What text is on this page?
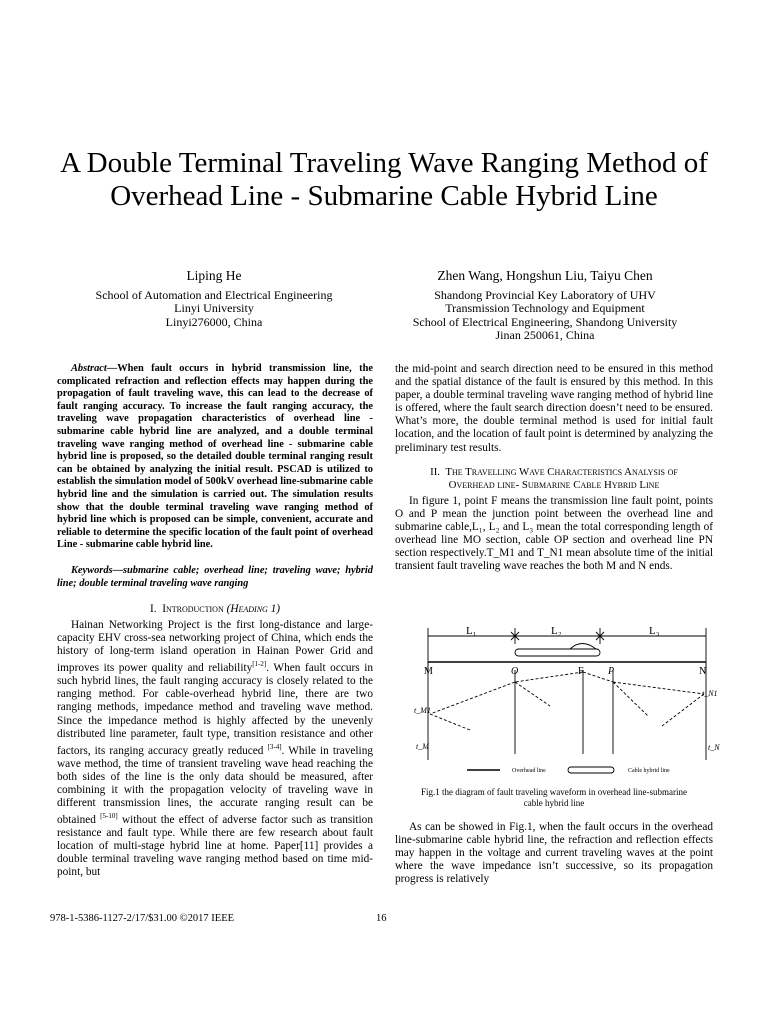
A Double Terminal Traveling Wave Ranging Method of Overhead Line - Submarine Cable Hybrid Line
Liping He
School of Automation and Electrical Engineering
Linyi University
Linyi276000, China
Zhen Wang, Hongshun Liu, Taiyu Chen
Shandong Provincial Key Laboratory of UHV
Transmission Technology and Equipment
School of Electrical Engineering, Shandong University
Jinan 250061, China

Abstract—When fault occurs in hybrid transmission line, the complicated refraction and reflection effects may happen during the propagation of fault traveling wave, this can lead to the decrease of fault ranging accuracy. To increase the fault ranging accuracy, the traveling wave propagation characteristics of overhead line - submarine cable hybrid line are analyzed, and a double terminal traveling wave ranging method of overhead line - submarine cable hybrid line is proposed, so the detailed double terminal ranging result can be obtained by analyzing the initial result. PSCAD is utilized to establish the simulation model of 500kV overhead line-submarine cable hybrid line and the simulation is carried out. The simulation results show that the double terminal traveling wave ranging method of hybrid line which is proposed can be simple, convenient, accurate and reliable to determine the specific location of the fault point of overhead Line - submarine cable hybrid line.

Keywords—submarine cable; overhead line; traveling wave; hybrid line; double terminal traveling wave ranging

I. Introduction (Heading 1)

Hainan Networking Project is the first long-distance and large-capacity EHV cross-sea networking project of China, which ends the history of long-term island operation in Hainan Power Grid and improves its power quality and reliability[1-2]. When fault occurs in such hybrid lines, the fault ranging accuracy is closely related to the ranging method. For cable-overhead hybrid line, there are two ranging methods, impedance method and traveling wave method. Since the impedance method is highly affected by the unevenly distributed line parameter, fault type, transition resistance and other factors, its ranging accuracy greatly reduced [3-4]. While in traveling wave method, the time of transient traveling wave head reaching the both sides of the line is the only data should be measured, after combining it with the propagation velocity of traveling wave in different transmission lines, the accurate ranging result can be obtained [5-10] without the effect of adverse factor such as transition resistance and fault type. While there are few research about fault location of multi-stage hybrid line at home. Paper[11] provides a double terminal traveling wave ranging method based on time mid-point, but

the mid-point and search direction need to be ensured in this method and the spatial distance of the fault is ensured by this method. In this paper, a double terminal traveling wave ranging method of hybrid line is offered, where the fault search direction doesn’t need to be ensured. What’s more, the double terminal method is used for initial fault location, and the location of fault point is determined by analyzing the preliminary test results.

II. The Travelling Wave Characteristics Analysis of
Overhead line- Submarine Cable Hybrid Line

In figure 1, point F means the transmission line fault point, points O and P mean the junction point between the overhead line and submarine cable,L₁, L₂ and L₃ mean the total corresponding length of overhead line MO section, cable OP section and overhead line PN section respectively.T_M1 and T_N1 mean absolute time of the initial transient fault traveling wave reaches the both M and N ends.

L₁	L₂	L₃
M	O	F P	N
t_M1
t_N1
t_M	t_N
Overhead line	Cable hybrid line
Fig.1 the diagram of fault traveling waveform in overhead line-submarine
cable hybrid line

As can be showed in Fig.1, when the fault occurs in the overhead line-submarine cable hybrid line, the refraction and reflection effects may happen in the voltage and current traveling waves at the point where the wave impedance isn’t successive, so its propagation progress is relatively

978-1-5386-1127-2/17/$31.00 ©2017 IEEE	16
